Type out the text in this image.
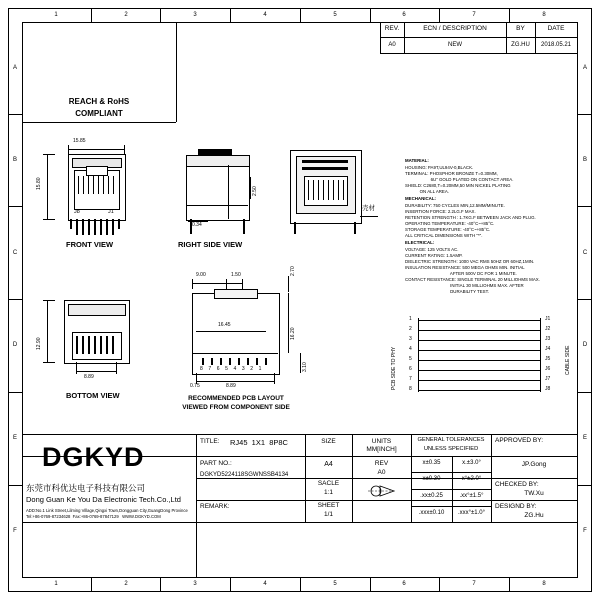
1	2	3	4	5	6	7	8
1	2	3	4	5	6	7	8
A
B
C
D
E
F
A
B
C
D
E
F
REACH & RoHS
COMPLIANT
REV.	ECN / DESCRIPTION	BY	DATE
A0	NEW	ZG.HU	2018.05.21
15.85
15.80
J8	J1
FRONT VIEW
2.50
0.34
RIGHT SIDE VIEW
壳材
12.90
8.89
BOTTOM VIEW
9.00	1.50
8 7 6 5 4 3 2 1
2.70
16.20
3.10
16.45
0.75	8.89
RECOMMENDED PCB LAYOUT
VIEWED FROM COMPONENT SIDE
MATERIAL:
HOUSING: PA9T,UL94V-0,BLACK.
TERMINAL: PHOSPHOR BRONZE T=0.30MM,
6U" GOLD PLATED ON CONTACT AREA.
SHIELD: C2680,T=0.20MM,50 MIN NICKEL PLATING
ON ALL AREA.
MECHANICAL:
DURABILITY: 750 CYCLES MIN,12.5MM/MINUTE.
INSERTION FORCE: 2.2LG.F MAX.
RETENTION STRENGTH : 1.7KG.F BETWEEN JACK AND PLUG.
OPERATING TEMPERATURE: -40°C~+85°C.
STORAGE TEMPERATURE: -40°C~+85°C.
ALL CRITICAL DIMENSIONS WITH "*".
ELECTRICAL:
VOLTAGE: 125 VOLTS AC.
CURRENT RATING: 1.5AMP.
DIELECTRIC STRENGTH: 1000 VAC RMS 50HZ OR 60HZ,1MIN.
INSULATION RESISTANCE: 500 MEGA OHMS MIN. INITIAL
AFTER 500V DC FOR 1 MINUTE.
CONTACT RESISTANCE: SINGLE TERMINAL 20 MILLIOHMS MAX.
INITIAL 30 MILLIOHMS MAX. AFTER
DURABILITY TEST.
1
2
3
4
5
6
7
8
J1
J2
J3
J4
J5
J6
J7
J8
PCB SIDE TO PHY	CABLE SIDE
DGKYD
东莞市科优达电子科技有限公司
Dong Guan Ke You Da Electronic Tech.Co.,Ltd
ADD:No.1 Link Street,Lilming Village,Qingxi Town,Dongguan City,GuangDong Province
Tel:+86-0769-87234628  Fax:+86-0769-87847129   WWW.DGKYD.COM
TITLE: RJ45  1X1  8P8C
PART NO.:
DGKYD5224118SGWNSSB4134
REMARK:
SIZE
A4
SACLE
1:1
SHEET
1/1
UNITS
MM[INCH]
REV
A0
GENERAL TOLERANCES
UNLESS SPECIFIED
x±0.35	x.±3.0°
x±0.30	x°±2.0°
.xx±0.25	.xx°±1.5°
.xxx±0.10	.xxx°±1.0°
APPROVED BY:
JP.Gong
CHECKED BY:
TW.Xu
DESIGND BY:
ZG.Hu
